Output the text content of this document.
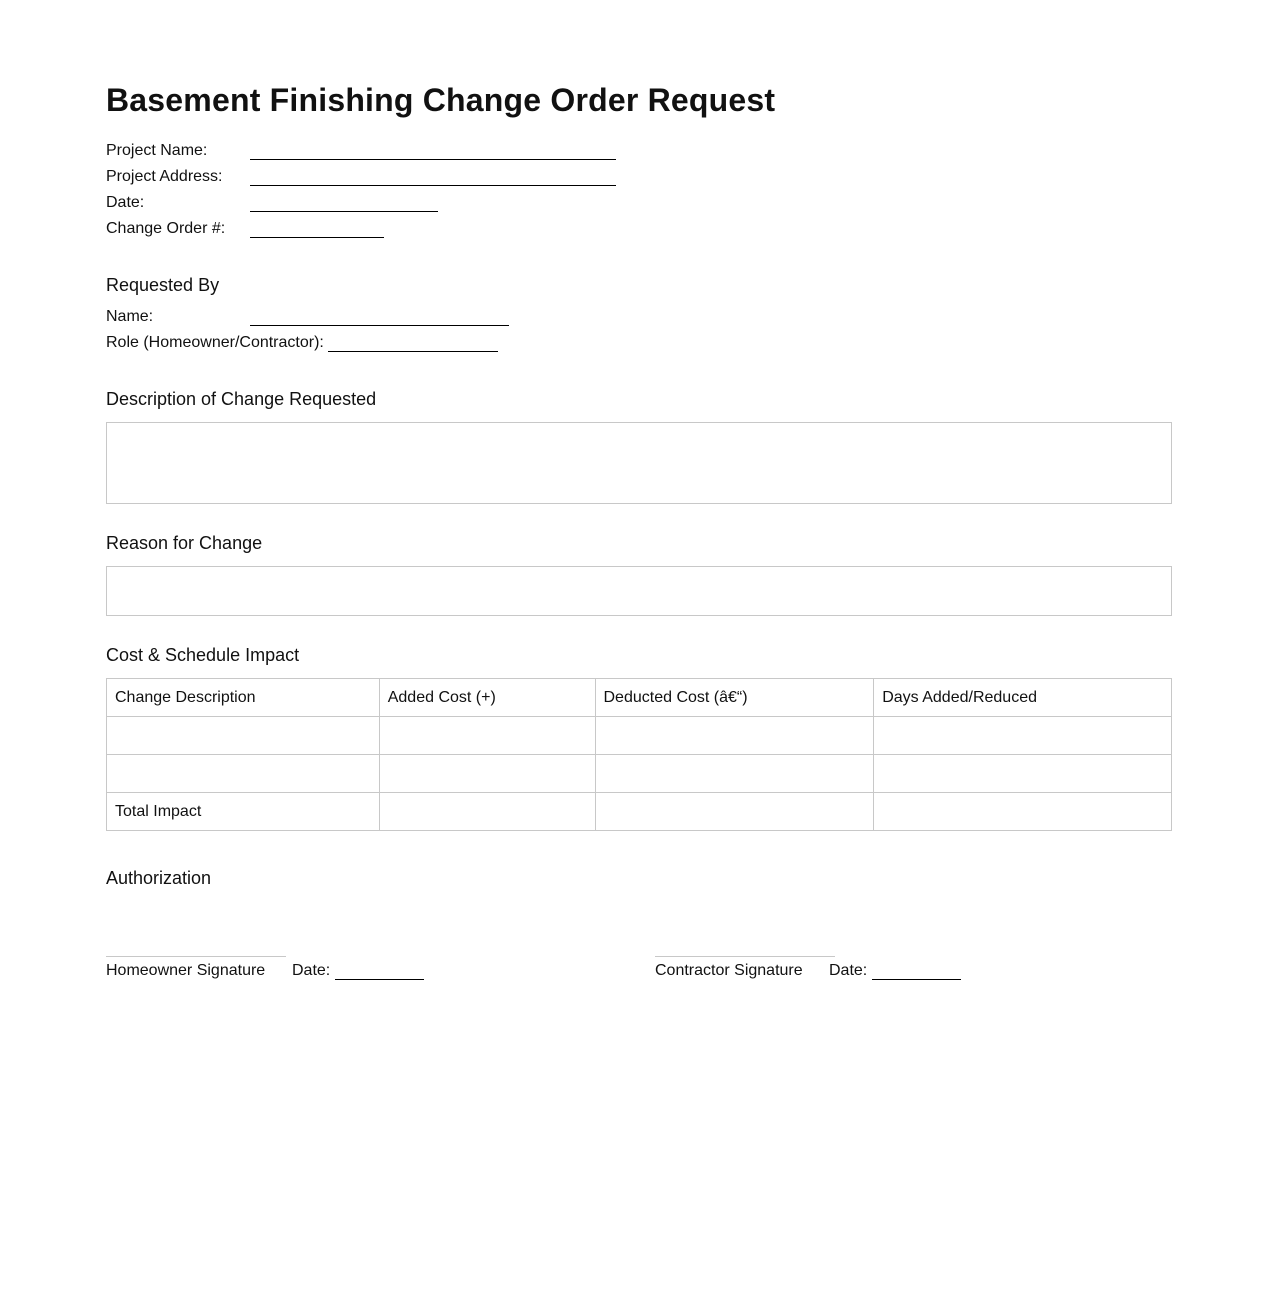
Basement Finishing Change Order Request
Project Name:
Project Address:
Date:
Change Order #:
Requested By
Name:
Role (Homeowner/Contractor):
Description of Change Requested
Reason for Change
Cost & Schedule Impact
Change Description	Added Cost (+)	Deducted Cost (â€“)	Days Added/Reduced

Total Impact			
Authorization
Homeowner Signature Date:	Contractor Signature Date:
